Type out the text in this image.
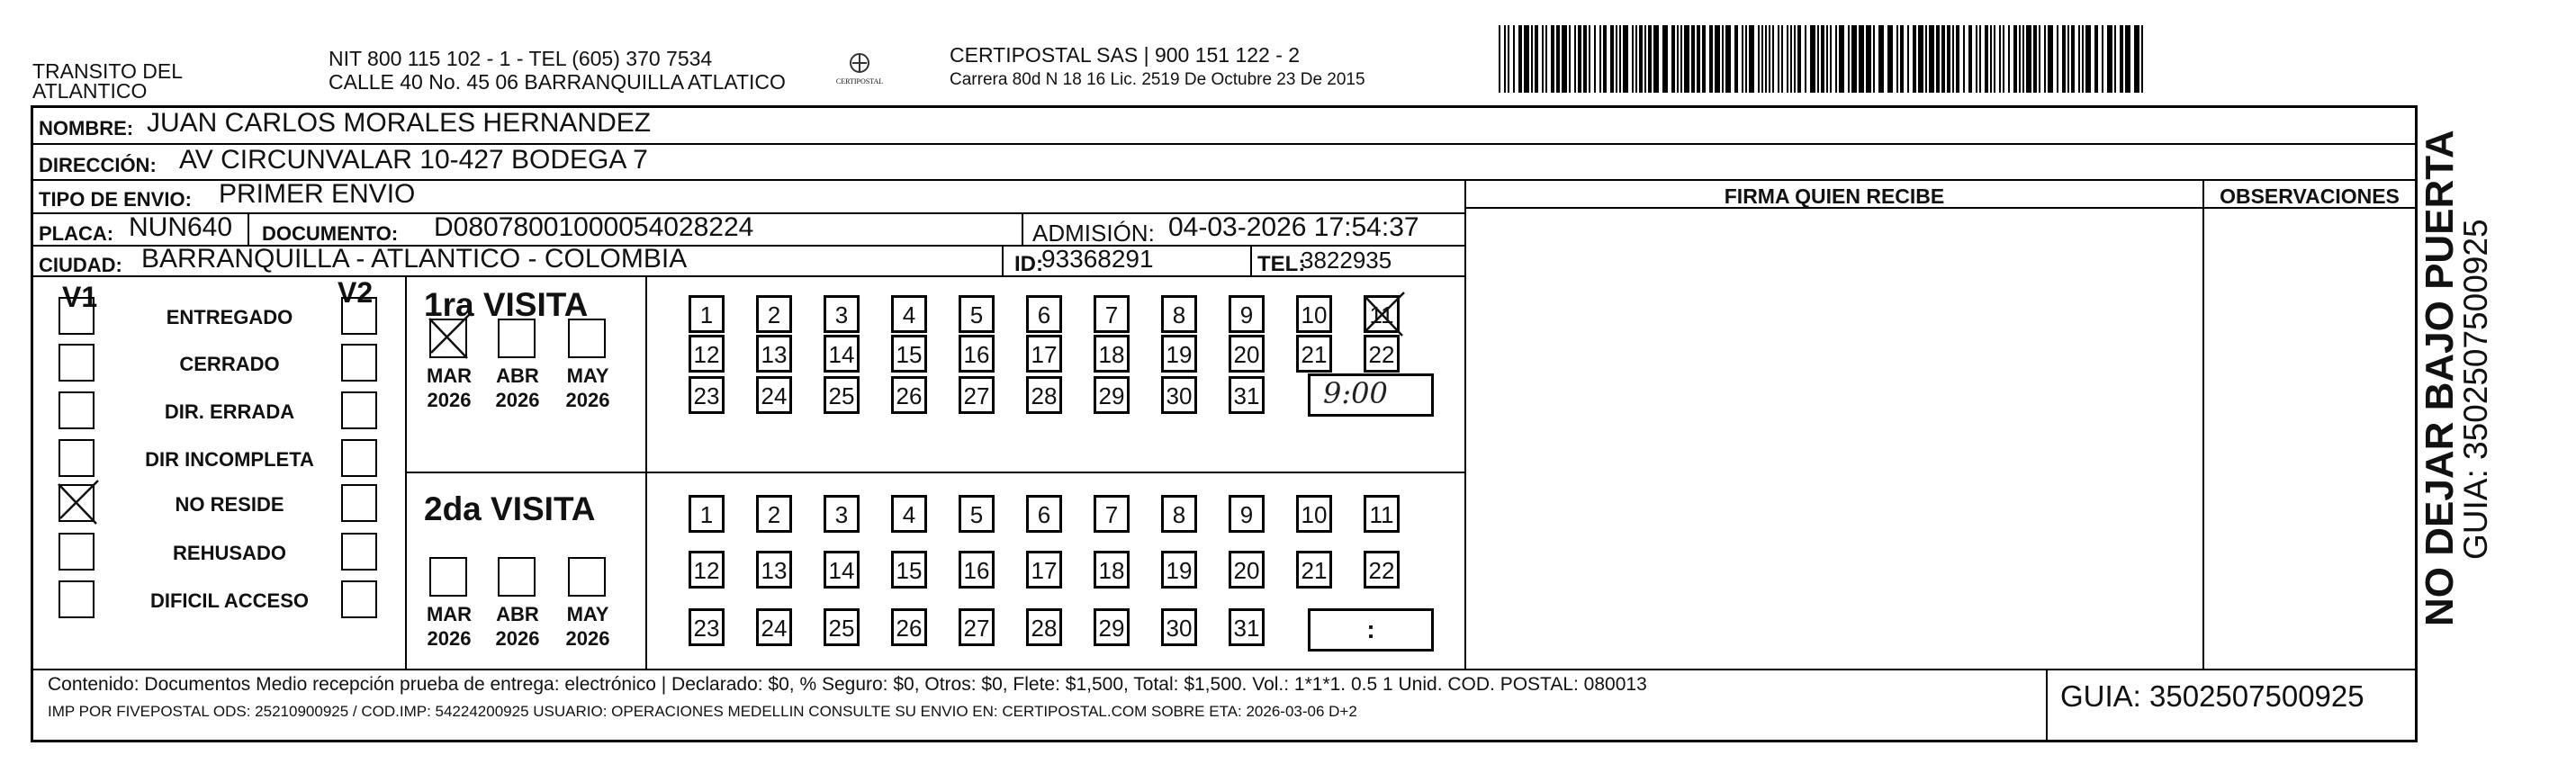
TRANSITO DEL
ATLANTICO
NIT 800 115 102 - 1 - TEL (605) 370 7534
CALLE 40 No. 45 06 BARRANQUILLA ATLATICO	CERTIPOSTAL
CERTIPOSTAL SAS | 900 151 122 - 2
Carrera 80d N 18 16 Lic. 2519 De Octubre 23 De 2015
NOMBRE: JUAN CARLOS MORALES HERNANDEZ
DIRECCIÓN: AV CIRCUNVALAR 10-427 BODEGA 7
TIPO DE ENVIO: PRIMER ENVIO
PLACA: NUN640 DOCUMENTO: D08078001000054028224	ADMISIÓN: 04-03-2026 17:54:37
CIUDAD: BARRANQUILLA - ATLANTICO - COLOMBIA	ID:
93368291	TEL:
3822935
FIRMA QUIEN RECIBE	OBSERVACIONES
V1	V2
ENTREGADO
CERRADO
DIR. ERRADA
DIR INCOMPLETA
NO RESIDE
REHUSADO
DIFICIL ACCESO
1ra VISITA
2da VISITA
MAR
2026
ABR
2026
MAY
2026
MAR
2026
ABR
2026
MAY
2026
1	2	3	4	5	6	7	8	9	10 11
12 13 14 15 16 17 18 19 20 21 22
23 24 25 26 27 28 29 30 31
1	2	3	4	5	6	7	8	9	10 11
12 13 14 15 16 17 18 19 20 21 22
23 24 25 26 27 28 29 30 31
9:00
:
Contenido: Documentos Medio recepción prueba de entrega: electrónico | Declarado: $0, % Seguro: $0, Otros: $0, Flete: $1,500, Total: $1,500. Vol.: 1*1*1. 0.5 1 Unid. COD. POSTAL: 080013
IMP POR FIVEPOSTAL ODS: 25210900925 / COD.IMP: 54224200925 USUARIO: OPERACIONES MEDELLIN CONSULTE SU ENVIO EN: CERTIPOSTAL.COM SOBRE ETA: 2026-03-06 D+2	GUIA: 3502507500925
NO DEJAR BAJO PUERTA
GUIA: 3502507500925
